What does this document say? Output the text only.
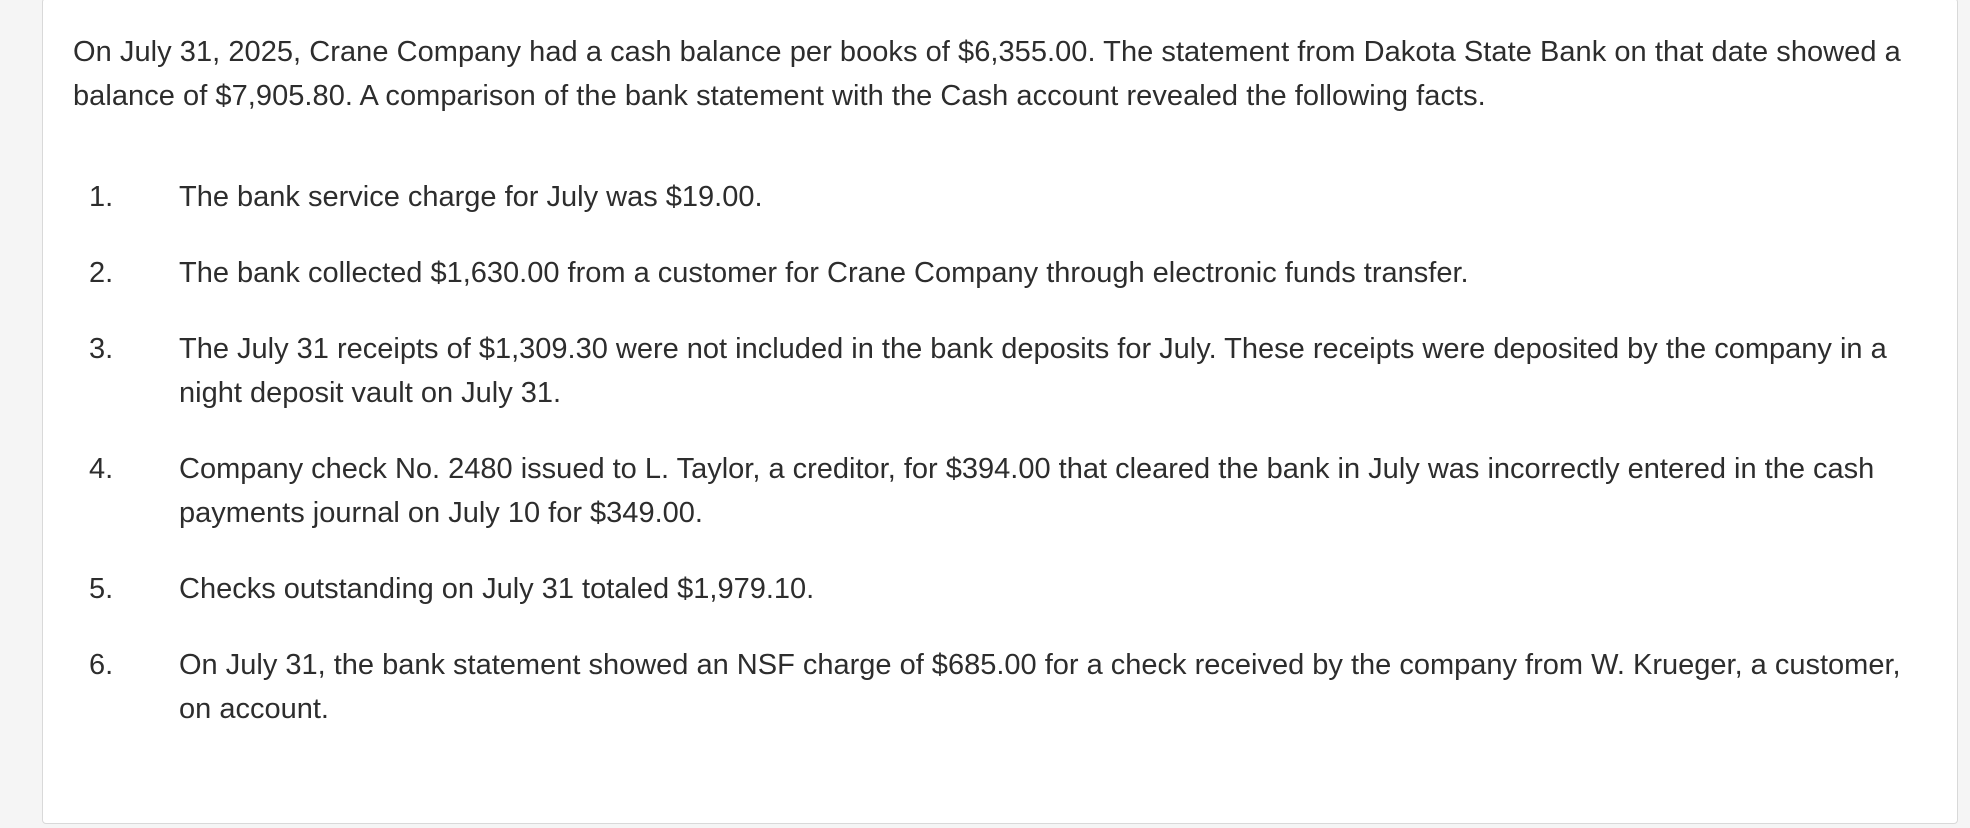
On July 31, 2025, Crane Company had a cash balance per books of $6,355.00. The statement from Dakota State Bank on that date showed a balance of $7,905.80. A comparison of the bank statement with the Cash account revealed the following facts.

1.	The bank service charge for July was $19.00.
2.	The bank collected $1,630.00 from a customer for Crane Company through electronic funds transfer.
3.	The July 31 receipts of $1,309.30 were not included in the bank deposits for July. These receipts were deposited by the company in a night deposit vault on July 31.
4.	Company check No. 2480 issued to L. Taylor, a creditor, for $394.00 that cleared the bank in July was incorrectly entered in the cash payments journal on July 10 for $349.00.
5.	Checks outstanding on July 31 totaled $1,979.10.
6.	On July 31, the bank statement showed an NSF charge of $685.00 for a check received by the company from W. Krueger, a customer, on account.
